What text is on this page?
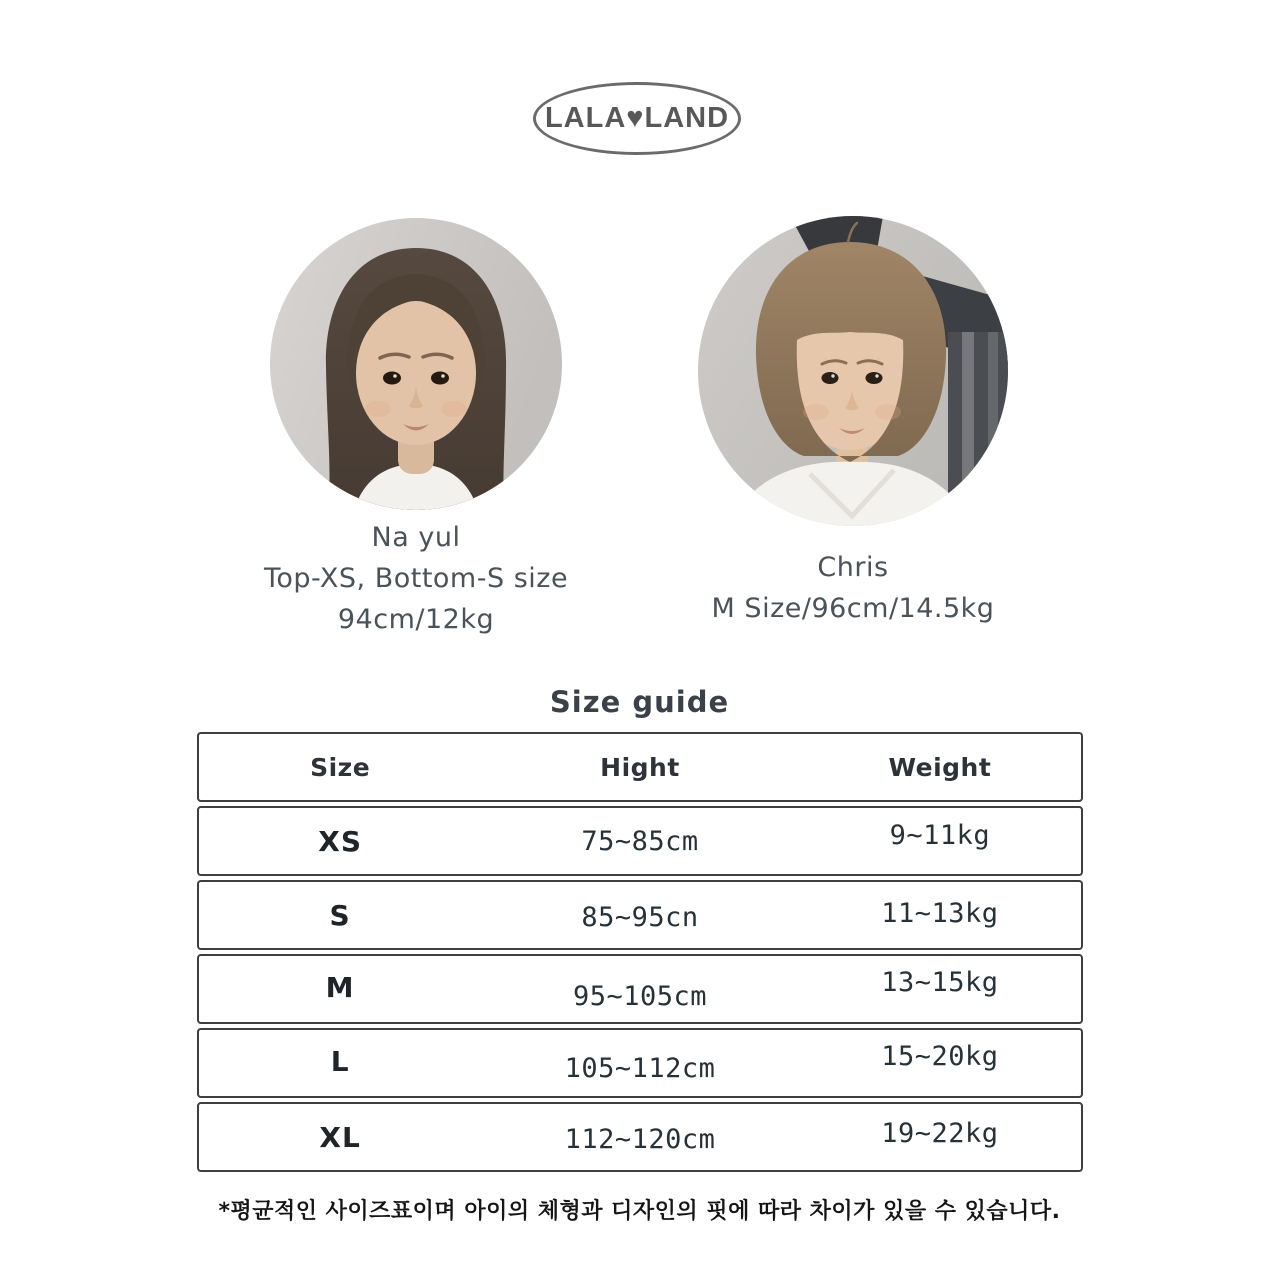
LALA♥LAND
Na yul
Top-XS, Bottom-S size
94cm/12kg
Chris
M Size/96cm/14.5kg
Size guide
Size	Hight	Weight
XS	75~85cm	9~11kg
S	85~95cn	11~13kg
M	95~105cm	13~15kg
L	105~112cm	15~20kg
XL	112~120cm	19~22kg
*평균적인 사이즈표이며 아이의 체형과 디자인의 핏에 따라 차이가 있을 수 있습니다.
